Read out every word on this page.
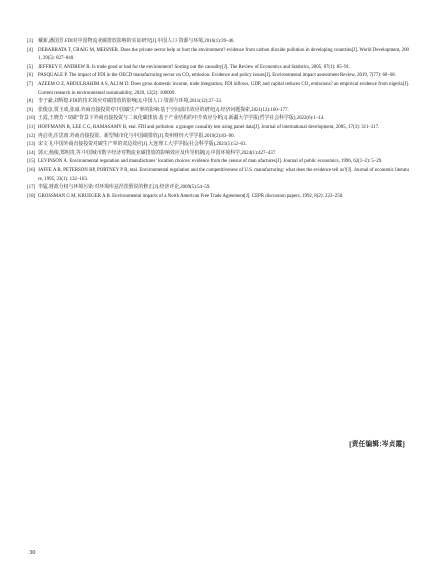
[3] 戴新,潘国芳.FDI对中国物流业碳排放影响的实证研究[J].中国人口·资源与环境,2016(1):39–46.
[4] DEBABRATA T, CRAIG M, MEISNER. Does the private sector help or hurt the environment? evidence from carbon dioxide pollution in developing countries[J]. World Development, 2001, 29(5): 827–840.
[5] JEFFREY F, ANDREW R. Is trade good or bad for the environment? Sorting out the causality[J]. The Review of Economics and Statistics, 2005, 87(1): 85–91.
[6] PASQUALE P. The impact of FDI in the OECD manufacturing sector on CO₂ emission: Evidence and policy issues[J]. Environmental impact assessment Review, 2019, 7(77): 60–68.
[7] AZEEM O Z, ABDULRAHIM A S, ALI M D. Does gross domestic income, trade integration, FDI inflows, GDP, and capital reduces CO₂ emissions? an empirical evidence from nigeria[J]. Current research in environmental sustainability, 2020, 12(2): 100009.
[8] 李子豪,刘辉煌.FDI的技术效应对碳排放的影响[J].中国人口·资源与环境,2011(12):27–33.
[9] 张俊彦,贾玉成,张诚.外商直接投资对中国碳生产率的影响:基于空间溢出效应的研究[J].经济问题探索,2021(12):160–177.
[10] 王霞,王晓芳.“双碳”背景下外商直接投资与二氧化碳排放:基于产业结构的中介效应分析[J].新疆大学学报(哲学社会科学版),2022(6):1–14.
[11] HOFFMANN R, LEE C G, RAMASAMY B, etal. FDI and pollution: a granger causality test using panel data[J]. Journal of international development, 2005, 17(3): 311–317.
[12] 冉启英,任思雨.外商直接投资、新型城市化与中国碳排放[J].贵州财经大学学报,2019(2):83–90.
[13] 宋文飞.中国外商直接投资对碳生产率的双边效应[J].大连理工大学学报(社会科学版),2021(5):52–63.
[14] 郭元,杨俊,郑明贵,等.中国城市数字经济对物流业碳排放的影响效应及传导机制[J].中国环境科学,2024(1):427–437.
[15] LEVINSON A. Environmental regulation and manufactures’ location choices: evidence from the census of man ufactures[J]. Journal of public economics, 1996, 62(1–2): 5–29.
[16] JAFFE A B, PETERSON RP, PORTNEY P R, etal. Environmental regulation and the competitiveness of U.S. manufacturing: what does the evidence tell us?[J]. Journal of economic literature, 1995, 33(1): 132–163.
[17] 李猛.财政分权与环境污染:对环境库兹涅茨假说的修正[J].经济评论,2009(5):54–59.
[18] GROSSMAN G M, KRUEGER A B. Environmental impacts of a North American Free Trade Agreement[J]. CEPR discussion papers, 1992, 8(2): 223–250.
[责任编辑:岑贞霞]
30
